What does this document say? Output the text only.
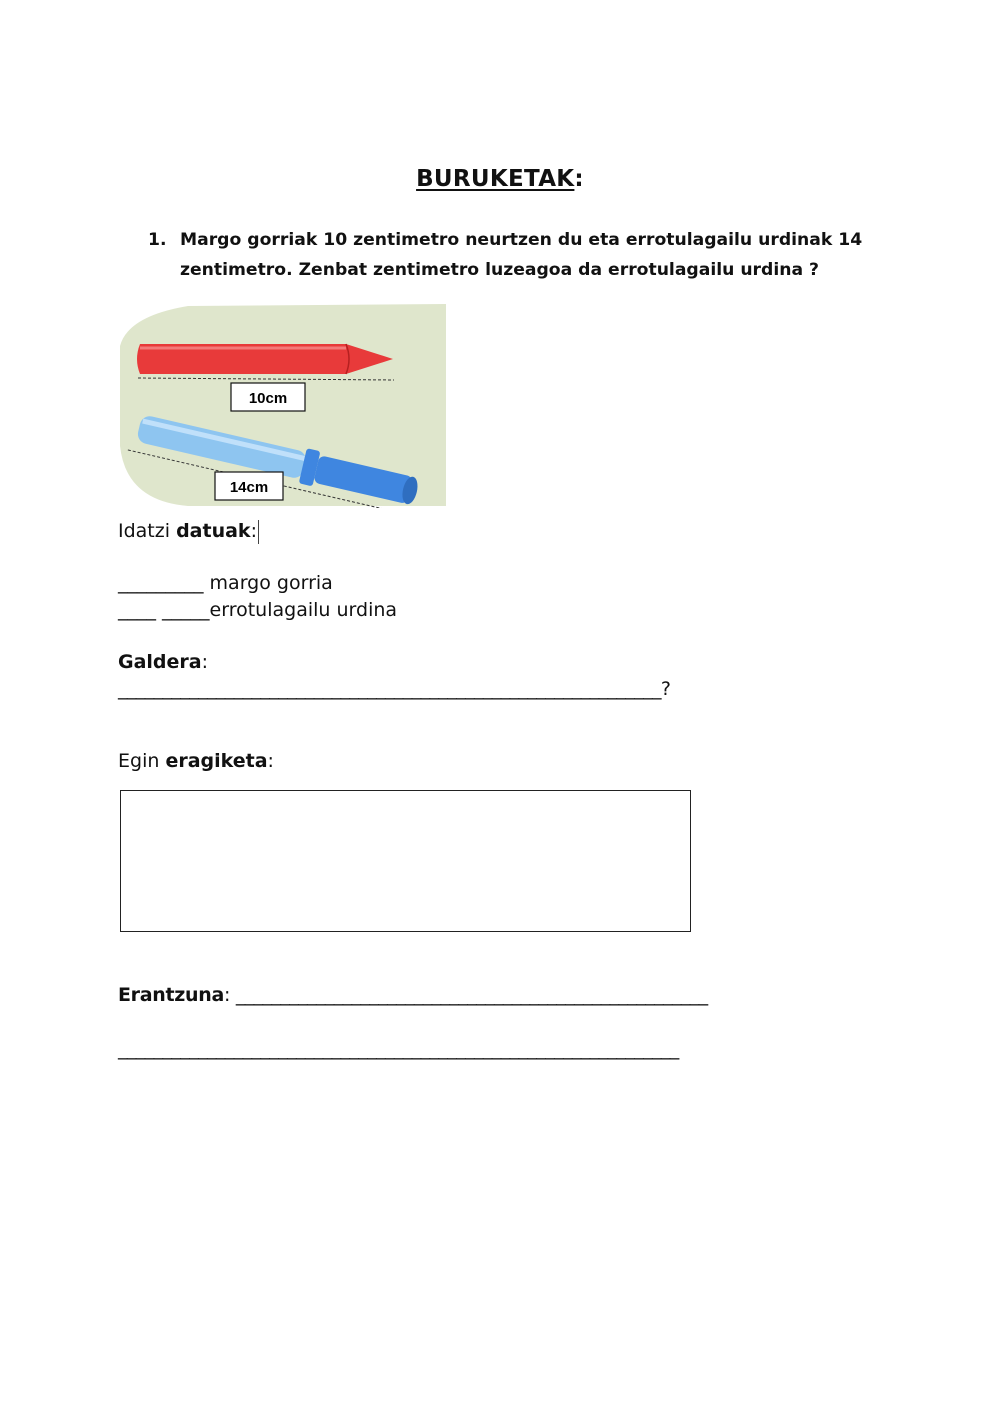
BURUKETAK:
1. Margo gorriak 10 zentimetro neurtzen du eta errotulagailu urdinak 14
zentimetro. Zenbat zentimetro luzeagoa da errotulagailu urdina ?
10cm
14cm
Idatzi datuak:
_________ margo gorria
____ _____errotulagailu urdina
Galdera:
_____________________________________________________________?
Egin eragiketa:
Erantzuna: _____________________________________________________
_______________________________________________________________
